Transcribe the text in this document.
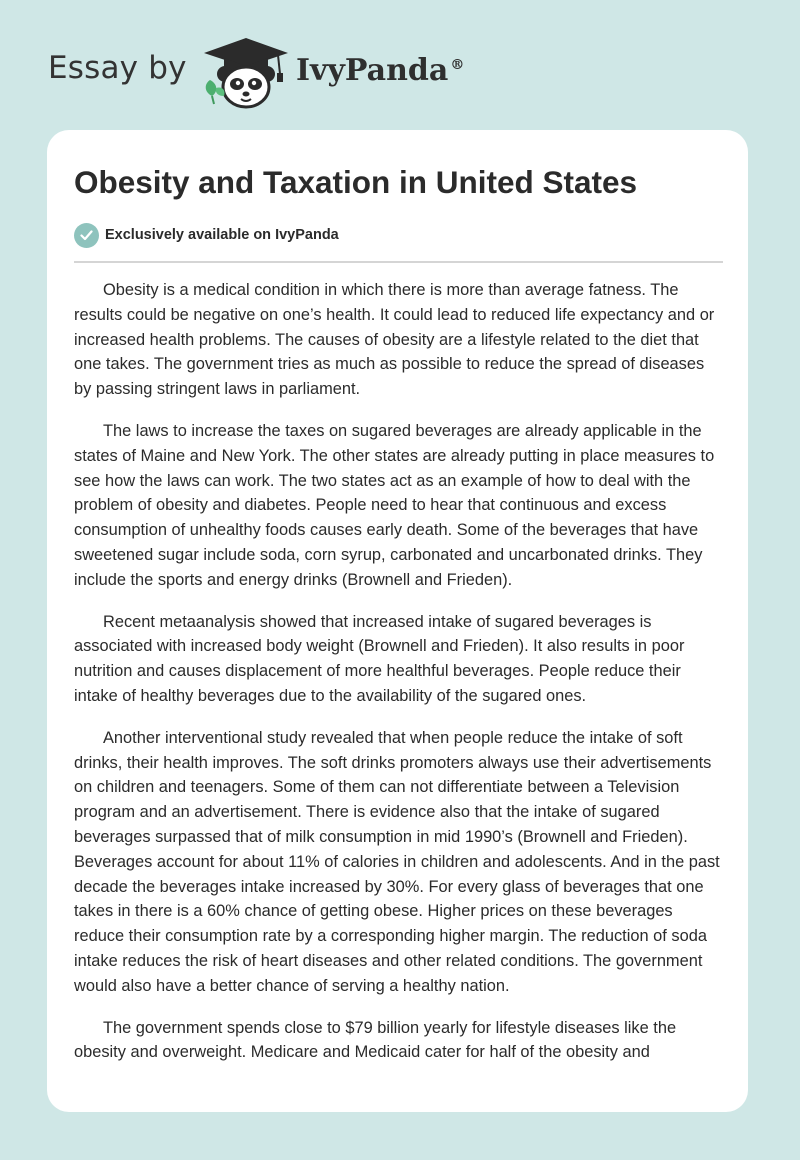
Essay by	IvyPanda ®
Obesity and Taxation in United States
Exclusively available on IvyPanda

Obesity is a medical condition in which there is more than average fatness. The results could be negative on one’s health. It could lead to reduced life expectancy and or increased health problems. The causes of obesity are a lifestyle related to the diet that one takes. The government tries as much as possible to reduce the spread of diseases by passing stringent laws in parliament.

The laws to increase the taxes on sugared beverages are already applicable in the states of Maine and New York. The other states are already putting in place measures to see how the laws can work. The two states act as an example of how to deal with the problem of obesity and diabetes. People need to hear that continuous and excess consumption of unhealthy foods causes early death. Some of the beverages that have sweetened sugar include soda, corn syrup, carbonated and uncarbonated drinks. They include the sports and energy drinks (Brownell and Frieden).

Recent metaanalysis showed that increased intake of sugared beverages is associated with increased body weight (Brownell and Frieden). It also results in poor nutrition and causes displacement of more healthful beverages. People reduce their intake of healthy beverages due to the availability of the sugared ones.

Another interventional study revealed that when people reduce the intake of soft drinks, their health improves. The soft drinks promoters always use their advertisements on children and teenagers. Some of them can not differentiate between a Television program and an advertisement. There is evidence also that the intake of sugared beverages surpassed that of milk consumption in mid 1990’s (Brownell and Frieden). Beverages account for about 11% of calories in children and adolescents. And in the past decade the beverages intake increased by 30%. For every glass of beverages that one takes in there is a 60% chance of getting obese. Higher prices on these beverages reduce their consumption rate by a corresponding higher margin. The reduction of soda intake reduces the risk of heart diseases and other related conditions. The government would also have a better chance of serving a healthy nation.

The government spends close to $79 billion yearly for lifestyle diseases like the obesity and overweight. Medicare and Medicaid cater for half of the obesity and
